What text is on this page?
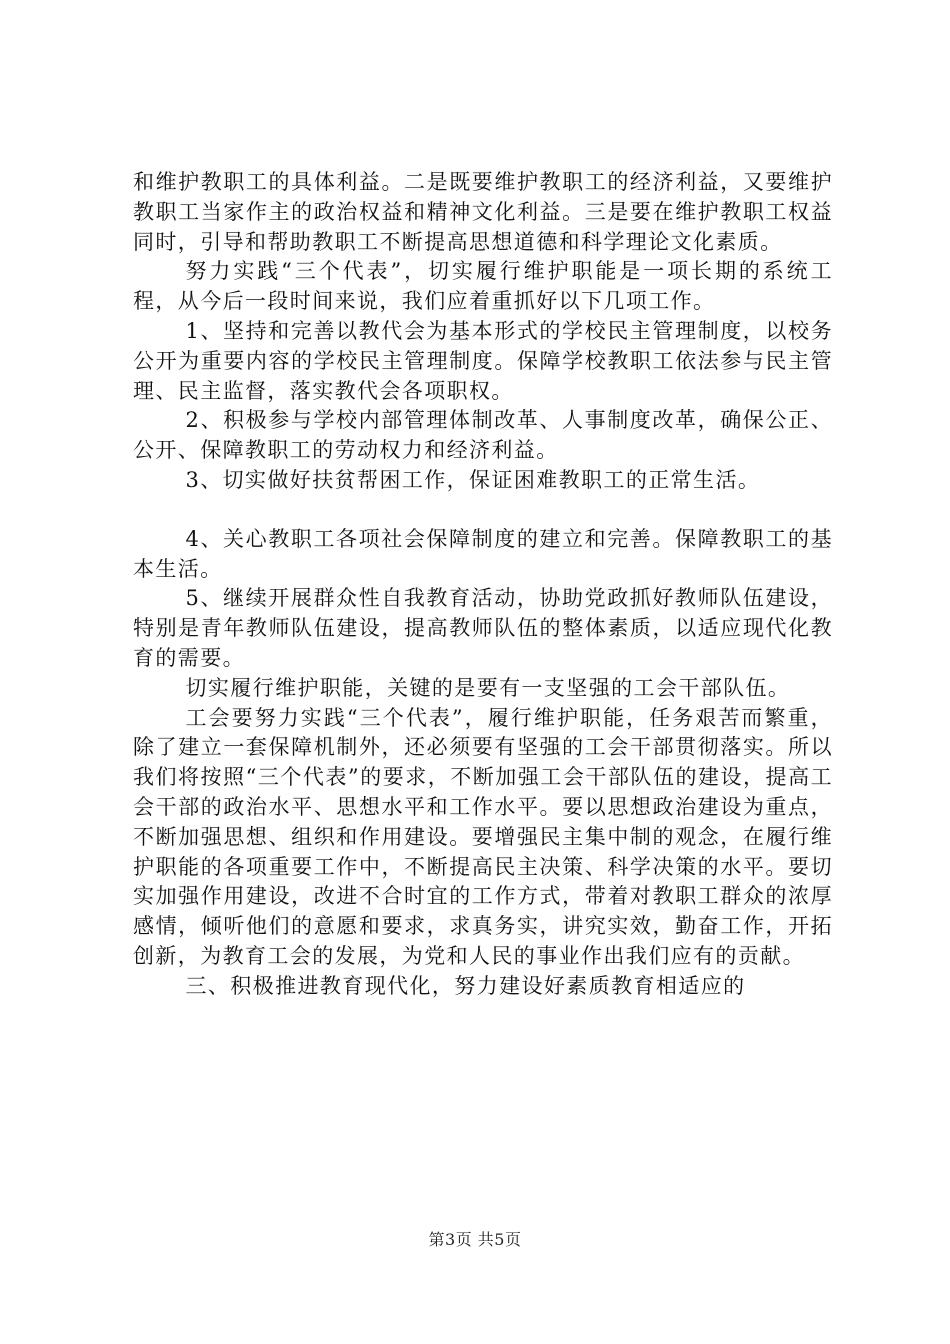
和维护教职工的具体利益。二是既要维护教职工的经济利益，又要维护教职工当家作主的政治权益和精神文化利益。三是要在维护教职工权益同时，引导和帮助教职工不断提高思想道德和科学理论文化素质。

努力实践“三个代表”，切实履行维护职能是一项长期的系统工程，从今后一段时间来说，我们应着重抓好以下几项工作。

1、坚持和完善以教代会为基本形式的学校民主管理制度，以校务公开为重要内容的学校民主管理制度。保障学校教职工依法参与民主管理、民主监督，落实教代会各项职权。

2、积极参与学校内部管理体制改革、人事制度改革，确保公正、公开、保障教职工的劳动权力和经济利益。

3、切实做好扶贫帮困工作，保证困难教职工的正常生活。

4、关心教职工各项社会保障制度的建立和完善。保障教职工的基本生活。

5、继续开展群众性自我教育活动，协助党政抓好教师队伍建设，特别是青年教师队伍建设，提高教师队伍的整体素质，以适应现代化教育的需要。

切实履行维护职能，关键的是要有一支坚强的工会干部队伍。

工会要努力实践“三个代表”，履行维护职能，任务艰苦而繁重，除了建立一套保障机制外，还必须要有坚强的工会干部贯彻落实。所以我们将按照“三个代表”的要求，不断加强工会干部队伍的建设，提高工会干部的政治水平、思想水平和工作水平。要以思想政治建设为重点，不断加强思想、组织和作用建设。要增强民主集中制的观念，在履行维护职能的各项重要工作中，不断提高民主决策、科学决策的水平。要切实加强作用建设，改进不合时宜的工作方式，带着对教职工群众的浓厚感情，倾听他们的意愿和要求，求真务实，讲究实效，勤奋工作，开拓创新，为教育工会的发展，为党和人民的事业作出我们应有的贡献。

三、积极推进教育现代化，努力建设好素质教育相适应的

第3页 共5页
